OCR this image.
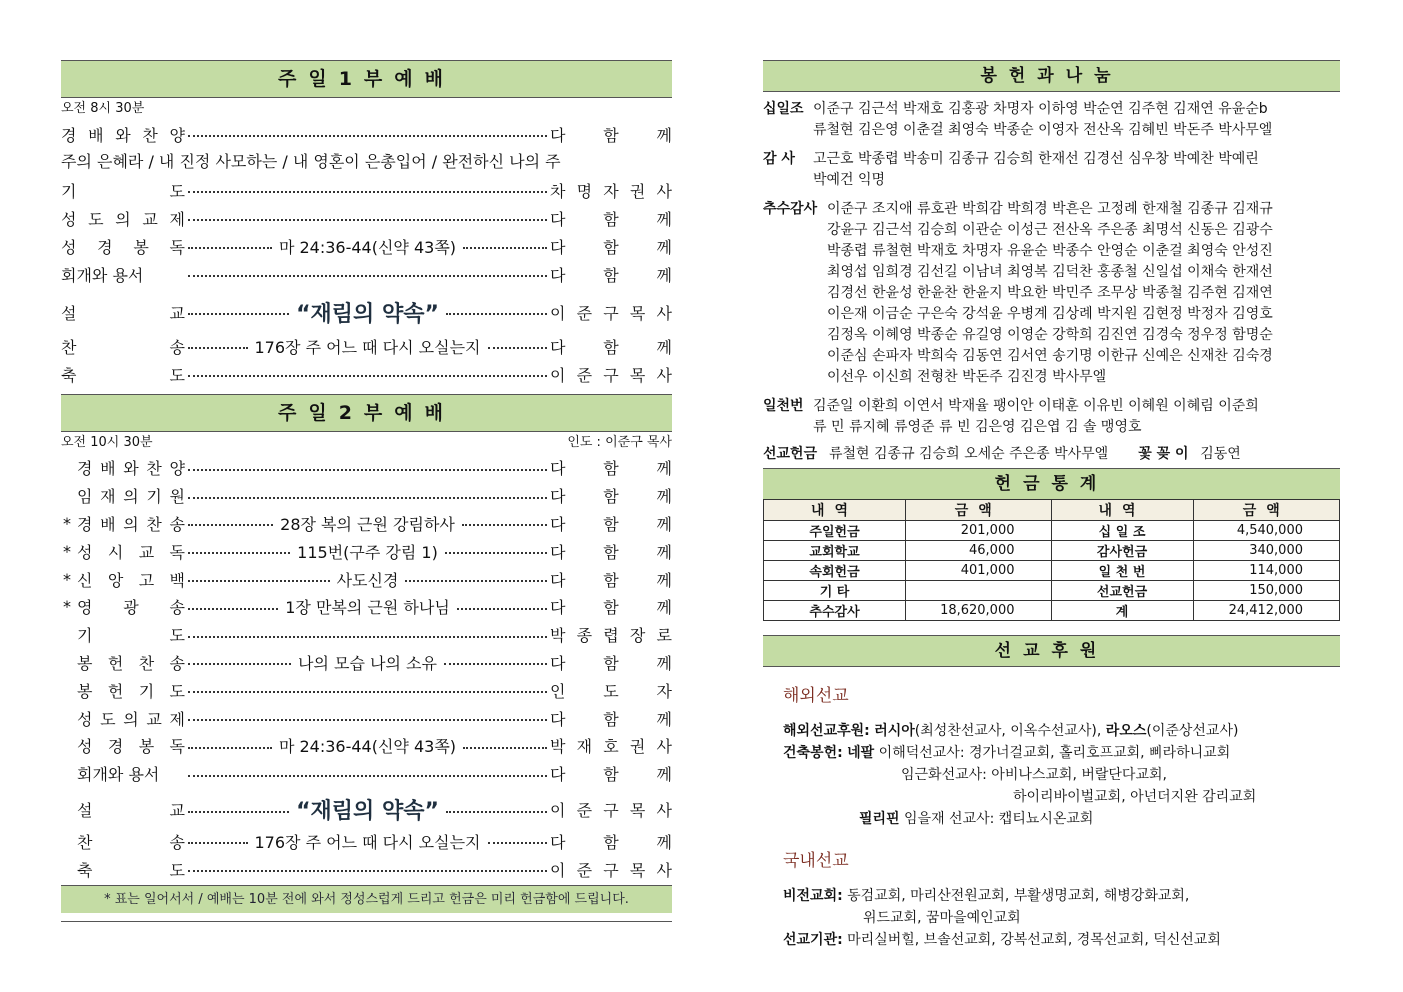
주일1부예배
오전 8시 30분
경 배 와 찬 양	다 함 께
주의 은혜라 / 내 진정 사모하는 / 내 영혼이 은총입어 / 완전하신 나의 주
기	도	차 명 자 권 사
성 도 의 교 제	다 함 께
성 경 봉 독	마 24:36-44(신약 43쪽)	다 함 께
회개와 용서	다 함 께
설	교	“재림의 약속”	이 준 구 목 사
찬	송	176장 주 어느 때 다시 오실는지	다 함 께
축	도	이 준 구 목 사
주일2부예배
오전 10시 30분	인도 : 이준구 목사
경 배 와 찬 양	다 함 께
임 재 의 기 원	다 함 께
* 경 배 의 찬 송	28장 복의 근원 강림하사	다 함 께
* 성 시 교 독	115번(구주 강림 1)	다 함 께
* 신 앙 고 백	사도신경	다 함 께
* 영 광 송	1장 만복의 근원 하나님	다 함 께
기	도	박 종 렵 장 로
봉 헌 찬 송	나의 모습 나의 소유	다 함 께
봉 헌 기 도	인 도 자
성 도 의 교 제	다 함 께
성 경 봉 독	마 24:36-44(신약 43쪽)	박 재 호 권 사
회개와 용서	다 함 께
설	교	“재림의 약속”	이 준 구 목 사
찬	송	176장 주 어느 때 다시 오실는지	다 함 께
축	도	이 준 구 목 사
* 표는 일어서서 / 예배는 10분 전에 와서 정성스럽게 드리고 헌금은 미리 헌금함에 드립니다.
봉헌과나눔
십일조 이준구 김근석 박재호 김홍광 차명자 이하영 박순연 김주현 김재연 유윤순b
류철현 김은영 이춘걸 최영숙 박종순 이영자 전산옥 김혜빈 박돈주 박사무엘
감 사	고근호 박종렵 박송미 김종규 김승희 한재선 김경선 심우창 박예찬 박예린
박예건 익명
추수감사 이준구 조지애 류호관 박희감 박희경 박흔은 고정례 한재철 김종규 김재규
강윤구 김근석 김승희 이관순 이성근 전산옥 주은종 최명석 신동은 김광수
박종렵 류철현 박재호 차명자 유윤순 박종수 안영순 이춘걸 최영숙 안성진
최영섭 임희경 김선길 이남녀 최영복 김덕찬 홍종철 신일섭 이채숙 한재선
김경선 한윤성 한윤찬 한윤지 박요한 박민주 조무상 박종철 김주현 김재연
이은재 이금순 구은숙 강석윤 우병계 김상례 박지원 김현정 박정자 김영호
김정옥 이혜영 박종순 유길영 이영순 강학희 김진연 김경숙 정우정 함명순
이준심 손파자 박희숙 김동연 김서연 송기명 이한규 신예은 신재찬 김숙경
이선우 이신희 전형찬 박돈주 김진경 박사무엘
일천번 김준일 이환희 이연서 박재율 팽이안 이태훈 이유빈 이혜원 이혜림 이준희
류 민 류지혜 류영준 류 빈 김은영 김은엽 김 솔 맹영호
선교헌금 류철현 김종규 김승희 오세순 주은종 박사무엘 꽃 꽂 이 김동연
헌금통계
내역	금액	내역	금액
주일헌금	201,000	십 일 조	4,540,000
교회학교	46,000	감사헌금	340,000
속회헌금	401,000	일 천 번	114,000
기 타		선교헌금	150,000
추수감사	18,620,000	계	24,412,000
선교후원
해외선교
해외선교후원: 러시아(최성찬선교사, 이옥수선교사), 라오스(이준상선교사)
건축봉헌: 네팔 이해덕선교사: 경가너걸교회, 홀리호프교회, 삐라하니교회
임근화선교사: 아비나스교회, 버랄단다교회,
하이리바이벌교회, 아넌더지완 감리교회
필리핀 임을재 선교사: 캡티뇨시온교회
국내선교
비전교회: 동검교회, 마리산전원교회, 부활생명교회, 해병강화교회,
위드교회, 꿈마을예인교회
선교기관: 마리실버힐, 브솔선교회, 강복선교회, 경목선교회, 덕신선교회
